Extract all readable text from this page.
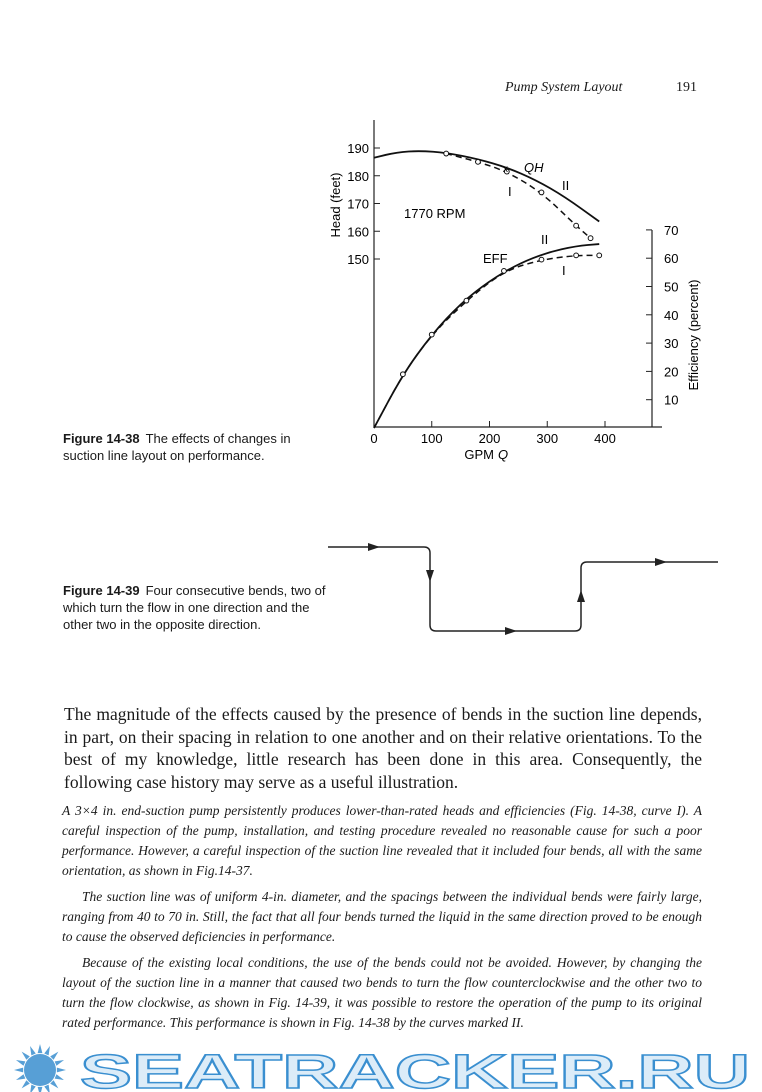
Pump System Layout	191
0	100	200	300	400
150
160
170
180
190
10
20
30
40
50
60
70
1770 RPM
QH
x
I	II
EFF
II
I
Head (feet)
Efficiency (percent)
GPM Q
Figure 14-38 The effects of changes in suction line layout on performance.
Figure 14-39 Four consecutive bends, two of which turn the flow in one direction and the other two in the opposite direction.

The magnitude of the effects caused by the presence of bends in the suction line depends, in part, on their spacing in relation to one another and on their relative orientations. To the best of my knowledge, little research has been done in this area. Consequently, the following case history may serve as a useful illustration.

A 3×4 in. end-suction pump persistently produces lower-than-rated heads and efficiencies (Fig. 14-38, curve I). A careful inspection of the pump, installation, and testing procedure revealed no reasonable cause for such a poor performance. However, a careful inspection of the suction line revealed that it included four bends, all with the same orientation, as shown in Fig.14-37.

The suction line was of uniform 4-in. diameter, and the spacings between the individual bends were fairly large, ranging from 40 to 70 in. Still, the fact that all four bends turned the liquid in the same direction proved to be enough to cause the observed deficiencies in performance.

Because of the existing local conditions, the use of the bends could not be avoided. However, by changing the layout of the suction line in a manner that caused two bends to turn the flow counterclockwise and the other two to turn the flow clockwise, as shown in Fig. 14-39, it was possible to restore the operation of the pump to its original rated performance. This performance is shown in Fig. 14-38 by the curves marked II.

SEATRACKER.RU
